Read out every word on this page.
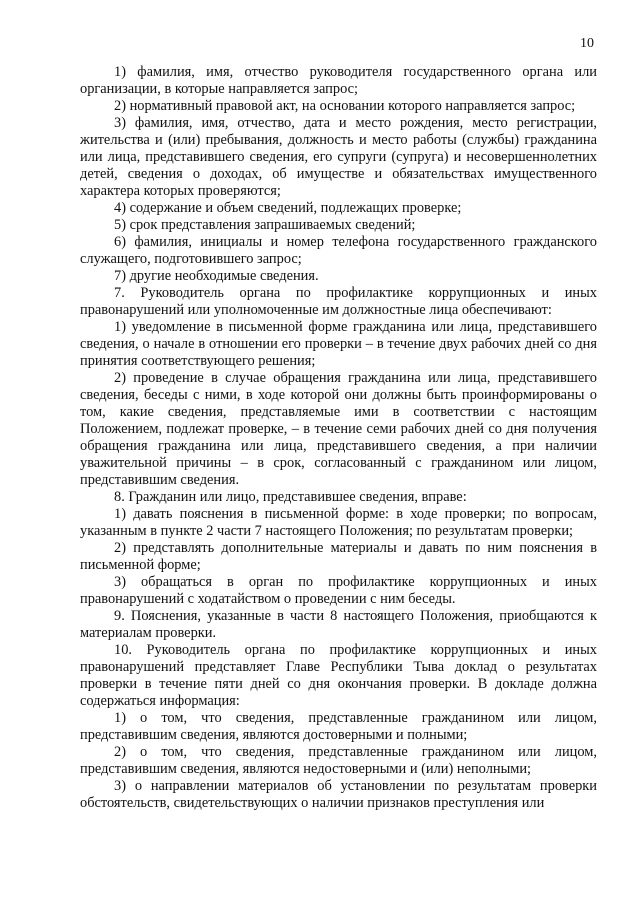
10

1) фамилия, имя, отчество руководителя государственного органа или организации, в которые направляется запрос;

2) нормативный правовой акт, на основании которого направляется запрос;

3) фамилия, имя, отчество, дата и место рождения, место регистрации, жительства и (или) пребывания, должность и место работы (службы) гражданина или лица, представившего сведения, его супруги (супруга) и несовершеннолетних детей, сведения о доходах, об имуществе и обязательствах имущественного характера которых проверяются;

4) содержание и объем сведений, подлежащих проверке;

5) срок представления запрашиваемых сведений;

6) фамилия, инициалы и номер телефона государственного гражданского служащего, подготовившего запрос;

7) другие необходимые сведения.

7. Руководитель органа по профилактике коррупционных и иных правонарушений или уполномоченные им должностные лица обеспечивают:

1) уведомление в письменной форме гражданина или лица, представившего сведения, о начале в отношении его проверки – в течение двух рабочих дней со дня принятия соответствующего решения;

2) проведение в случае обращения гражданина или лица, представившего сведения, беседы с ними, в ходе которой они должны быть проинформированы о том, какие сведения, представляемые ими в соответствии с настоящим Положением, подлежат проверке, – в течение семи рабочих дней со дня получения обращения гражданина или лица, представившего сведения, а при наличии уважительной причины – в срок, согласованный с гражданином или лицом, представившим сведения.

8. Гражданин или лицо, представившее сведения, вправе:

1) давать пояснения в письменной форме: в ходе проверки; по вопросам, указанным в пункте 2 части 7 настоящего Положения; по результатам проверки;

2) представлять дополнительные материалы и давать по ним пояснения в письменной форме;

3) обращаться в орган по профилактике коррупционных и иных правонарушений с ходатайством о проведении с ним беседы.

9. Пояснения, указанные в части 8 настоящего Положения, приобщаются к материалам проверки.

10. Руководитель органа по профилактике коррупционных и иных правонарушений представляет Главе Республики Тыва доклад о результатах проверки в течение пяти дней со дня окончания проверки. В докладе должна содержаться информация:

1) о том, что сведения, представленные гражданином или лицом, представившим сведения, являются достоверными и полными;

2) о том, что сведения, представленные гражданином или лицом, представившим сведения, являются недостоверными и (или) неполными;

3) о направлении материалов об установлении по результатам проверки обстоятельств, свидетельствующих о наличии признаков преступления или
